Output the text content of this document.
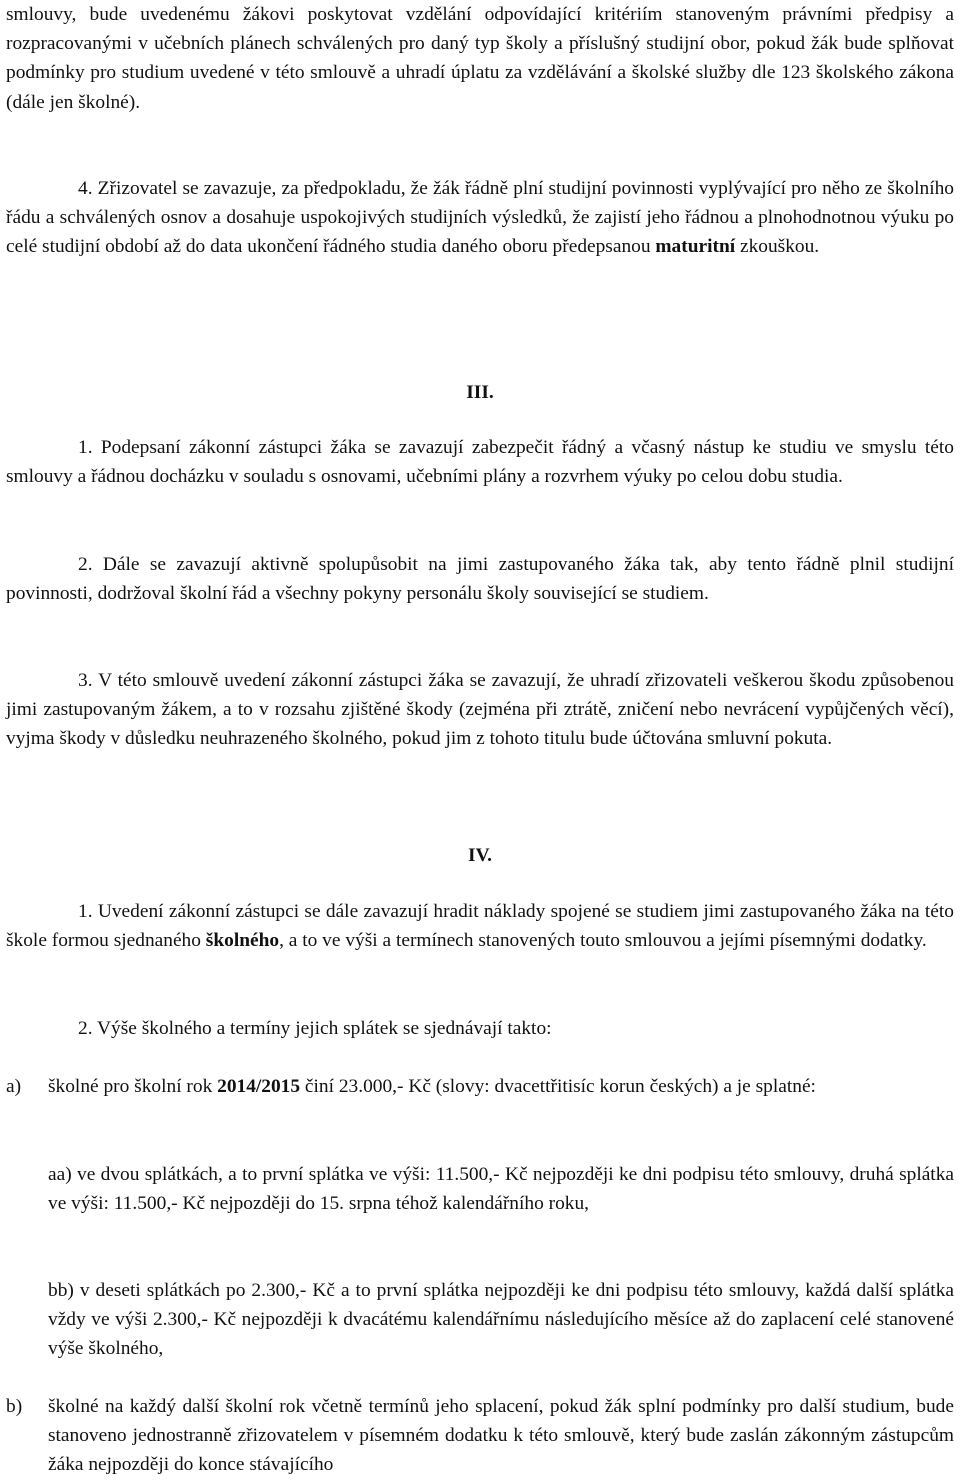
smlouvy, bude uvedenému žákovi poskytovat vzdělání odpovídající kritériím stanoveným právními předpisy a rozpracovanými v učebních plánech schválených pro daný typ školy a příslušný studijní obor, pokud žák bude splňovat podmínky pro studium uvedené v této smlouvě a uhradí úplatu za vzdělávání a školské služby dle 123 školského zákona (dále jen školné).

4. Zřizovatel se zavazuje, za předpokladu, že žák řádně plní studijní povinnosti vyplývající pro něho ze školního řádu a schválených osnov a dosahuje uspokojivých studijních výsledků, že zajistí jeho řádnou a plnohodnotnou výuku po celé studijní období až do data ukončení řádného studia daného oboru předepsanou maturitní zkouškou.

III.

1. Podepsaní zákonní zástupci žáka se zavazují zabezpečit řádný a včasný nástup ke studiu ve smyslu této smlouvy a řádnou docházku v souladu s osnovami, učebními plány a rozvrhem výuky po celou dobu studia.

2. Dále se zavazují aktivně spolupůsobit na jimi zastupovaného žáka tak, aby tento řádně plnil studijní povinnosti, dodržoval školní řád a všechny pokyny personálu školy související se studiem.

3. V této smlouvě uvedení zákonní zástupci žáka se zavazují, že uhradí zřizovateli veškerou škodu způsobenou jimi zastupovaným žákem, a to v rozsahu zjištěné škody (zejména při ztrátě, zničení nebo nevrácení vypůjčených věcí), vyjma škody v důsledku neuhrazeného školného, pokud jim z tohoto titulu bude účtována smluvní pokuta.

IV.

1. Uvedení zákonní zástupci se dále zavazují hradit náklady spojené se studiem jimi zastupovaného žáka na této škole formou sjednaného školného, a to ve výši a termínech stanovených touto smlouvou a jejími písemnými dodatky.

2. Výše školného a termíny jejich splátek se sjednávají takto:

a) školné pro školní rok 2014/2015 činí 23.000,- Kč (slovy: dvacettřitisíc korun českých) a je splatné:

aa) ve dvou splátkách, a to první splátka ve výši: 11.500,- Kč nejpozději ke dni podpisu této smlouvy, druhá splátka ve výši: 11.500,- Kč nejpozději do 15. srpna téhož kalendářního roku,

bb) v deseti splátkách po 2.300,- Kč a to první splátka nejpozději ke dni podpisu této smlouvy, každá další splátka vždy ve výši 2.300,- Kč nejpozději k dvacátému kalendářnímu následujícího měsíce až do zaplacení celé stanovené výše školného,

b) školné na každý další školní rok včetně termínů jeho splacení, pokud žák splní podmínky pro další studium, bude stanoveno jednostranně zřizovatelem v písemném dodatku k této smlouvě, který bude zaslán zákonným zástupcům žáka nejpozději do konce stávajícího
